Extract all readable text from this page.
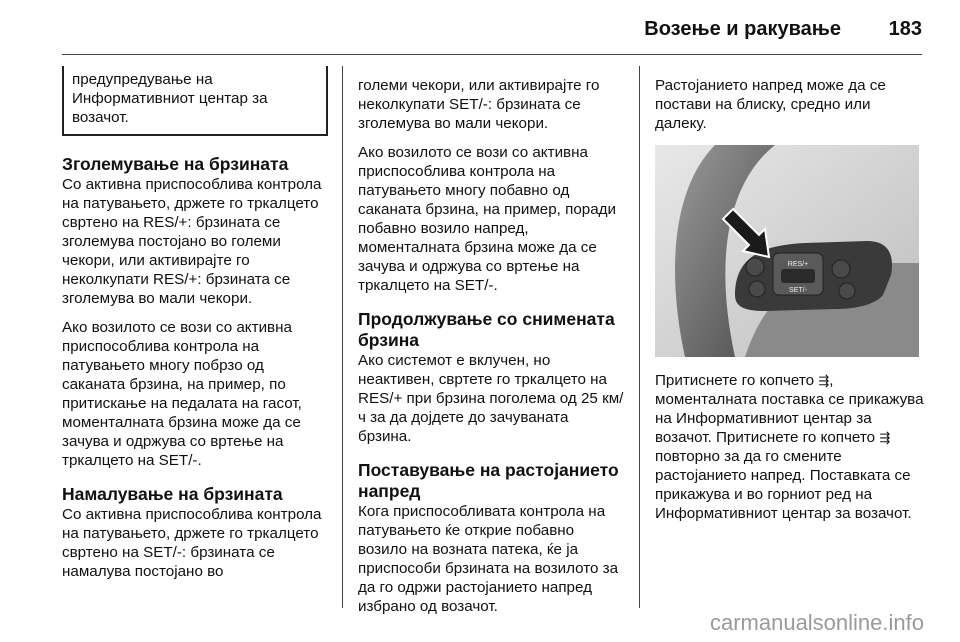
Возење и ракување 183
предупредување на Информативниот центар за возачот.
Зголемување на брзината

Со активна приспособлива контрола на патувањето, држете го тркалцето свртено на RES/+: брзината се зголемува постојано во големи чекори, или активирајте го неколкупати RES/+: брзината се зголемува во мали чекори.

Ако возилото се вози со активна приспособлива контрола на патувањето многу побрзо од саканата брзина, на пример, по притискање на педалата на гасот, моменталната брзина може да се зачува и одржува со вртење на тркалцето на SET/-.

Намалување на брзината

Со активна приспособлива контрола на патувањето, држете го тркалцето свртено на SET/-: брзината се намалува постојано во

големи чекори, или активирајте го неколкупати SET/-: брзината се зголемува во мали чекори.

Ако возилото се вози со активна приспособлива контрола на патувањето многу побавно од саканата брзина, на пример, поради побавно возило напред, моменталната брзина може да се зачува и одржува со вртење на тркалцето на SET/-.

Продолжување со снимената брзина

Ако системот е вклучен, но неактивен, свртете го тркалцето на RES/+ при брзина поголема од 25 км/ч за да дојдете до зачуваната брзина.

Поставување на растојанието напред

Кога приспособливата контрола на патувањето ќе открие побавно возило на возната патека, ќе ја приспособи брзината на возилото за да го одржи растојанието напред избрано од возачот.

Растојанието напред може да се постави на блиску, средно или далеку.

RES/+
SET/-

Притиснете го копчето ⇶, моменталната поставка се прикажува на Информативниот центар за возачот. Притиснете го копчето ⇶ повторно за да го смените растојанието напред. Поставката се прикажува и во горниот ред на Информативниот центар за возачот.

carmanualsonline.info
